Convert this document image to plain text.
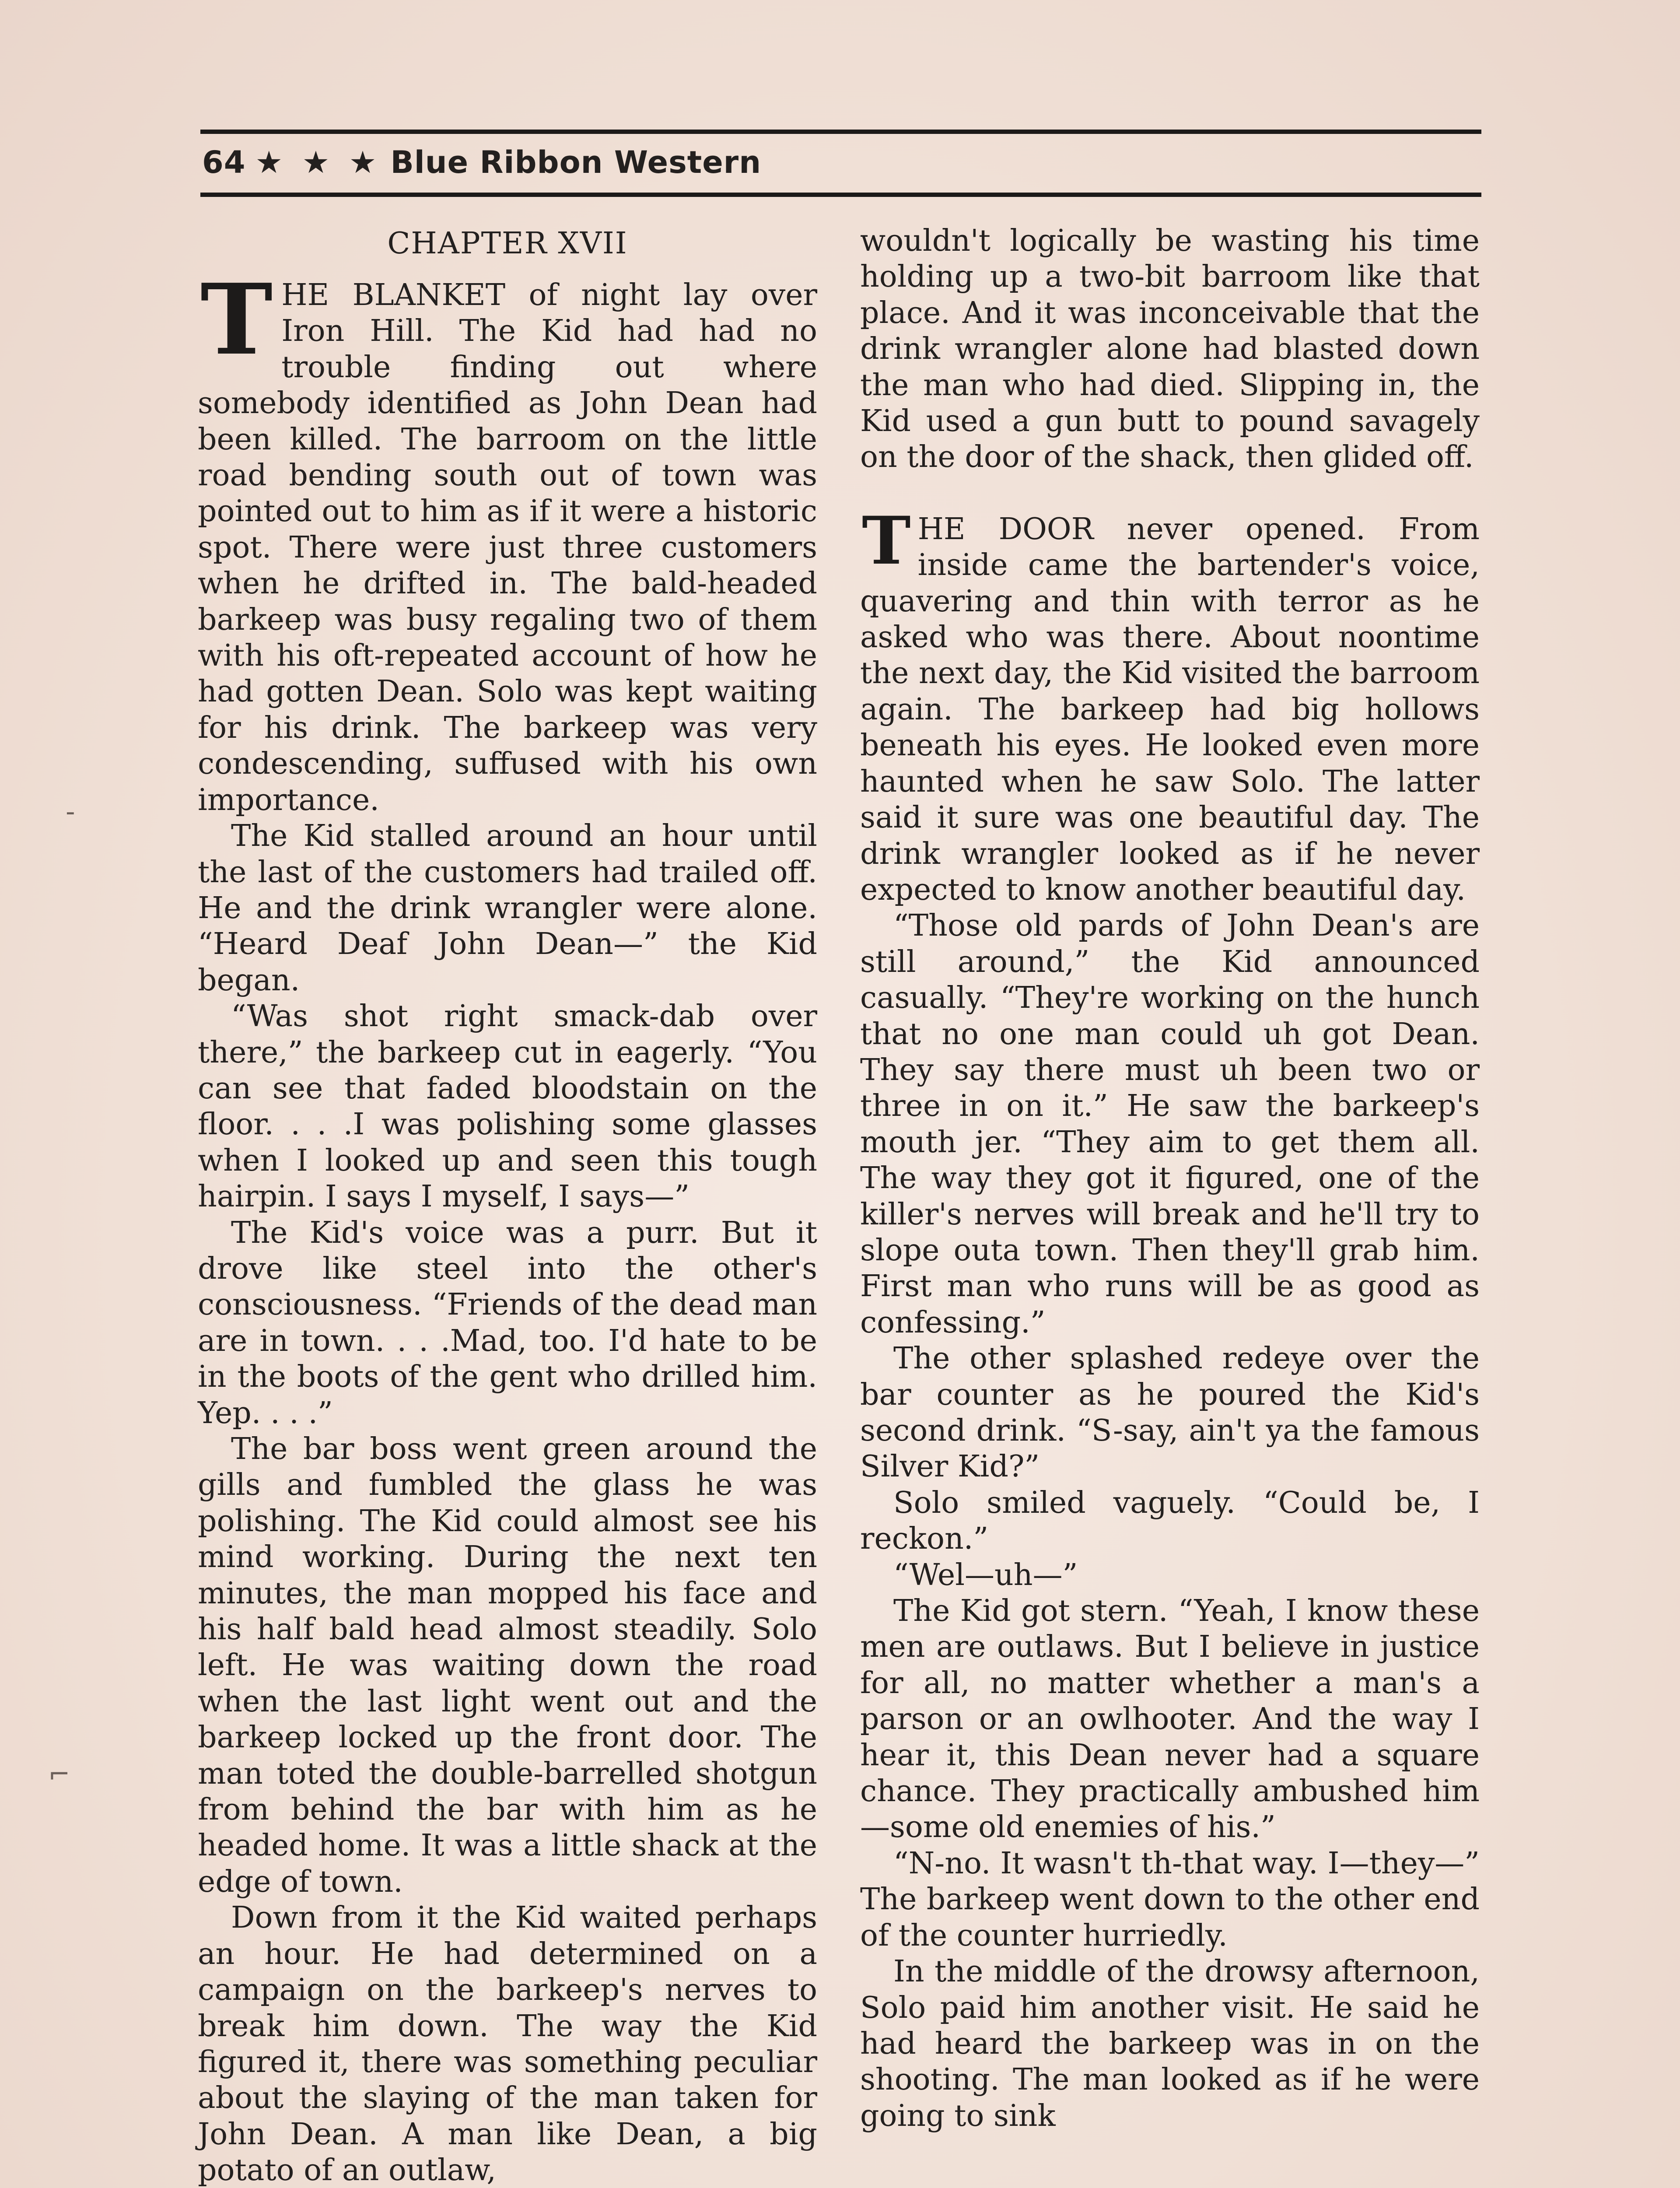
64 ★ ★ ★ Blue Ribbon Western
CHAPTER XVII

THE BLANKET of night lay over Iron Hill. The Kid had had no trouble finding out where somebody identified as John Dean had been killed. The barroom on the little road bending south out of town was pointed out to him as if it were a historic spot. There were just three customers when he drifted in. The bald-headed barkeep was busy regaling two of them with his oft-repeated account of how he had gotten Dean. Solo was kept waiting for his drink. The barkeep was very condescending, suffused with his own importance.

The Kid stalled around an hour until the last of the customers had trailed off. He and the drink wrangler were alone. “Heard Deaf John Dean—” the Kid began.

“Was shot right smack-dab over there,” the barkeep cut in eagerly. “You can see that faded bloodstain on the floor. . . .I was polishing some glasses when I looked up and seen this tough hairpin. I says I myself, I says—”

The Kid's voice was a purr. But it drove like steel into the other's consciousness. “Friends of the dead man are in town. . . .Mad, too. I'd hate to be in the boots of the gent who drilled him. Yep. . . .”

The bar boss went green around the gills and fumbled the glass he was polishing. The Kid could almost see his mind working. During the next ten minutes, the man mopped his face and his half bald head almost steadily. Solo left. He was waiting down the road when the last light went out and the barkeep locked up the front door. The man toted the double-barrelled shotgun from behind the bar with him as he headed home. It was a little shack at the edge of town.

Down from it the Kid waited perhaps an hour. He had determined on a campaign on the barkeep's nerves to break him down. The way the Kid figured it, there was something peculiar about the slaying of the man taken for John Dean. A man like Dean, a big potato of an outlaw,

wouldn't logically be wasting his time holding up a two-bit barroom like that place. And it was inconceivable that the drink wrangler alone had blasted down the man who had died. Slipping in, the Kid used a gun butt to pound savagely on the door of the shack, then glided off.

THE DOOR never opened. From inside came the bartender's voice, quavering and thin with terror as he asked who was there. About noontime the next day, the Kid visited the barroom again. The barkeep had big hollows beneath his eyes. He looked even more haunted when he saw Solo. The latter said it sure was one beautiful day. The drink wrangler looked as if he never expected to know another beautiful day.

“Those old pards of John Dean's are still around,” the Kid announced casually. “They're working on the hunch that no one man could uh got Dean. They say there must uh been two or three in on it.” He saw the barkeep's mouth jer. “They aim to get them all. The way they got it figured, one of the killer's nerves will break and he'll try to slope outa town. Then they'll grab him. First man who runs will be as good as confessing.”

The other splashed redeye over the bar counter as he poured the Kid's second drink. “S-say, ain't ya the famous Silver Kid?”

Solo smiled vaguely. “Could be, I reckon.”

“Wel—uh—”

The Kid got stern. “Yeah, I know these men are outlaws. But I believe in justice for all, no matter whether a man's a parson or an owlhooter. And the way I hear it, this Dean never had a square chance. They practically ambushed him—some old enemies of his.”

“N-no. It wasn't th-that way. I—they—” The barkeep went down to the other end of the counter hurriedly.

In the middle of the drowsy afternoon, Solo paid him another visit. He said he had heard the barkeep was in on the shooting. The man looked as if he were going to sink

-
⌐
